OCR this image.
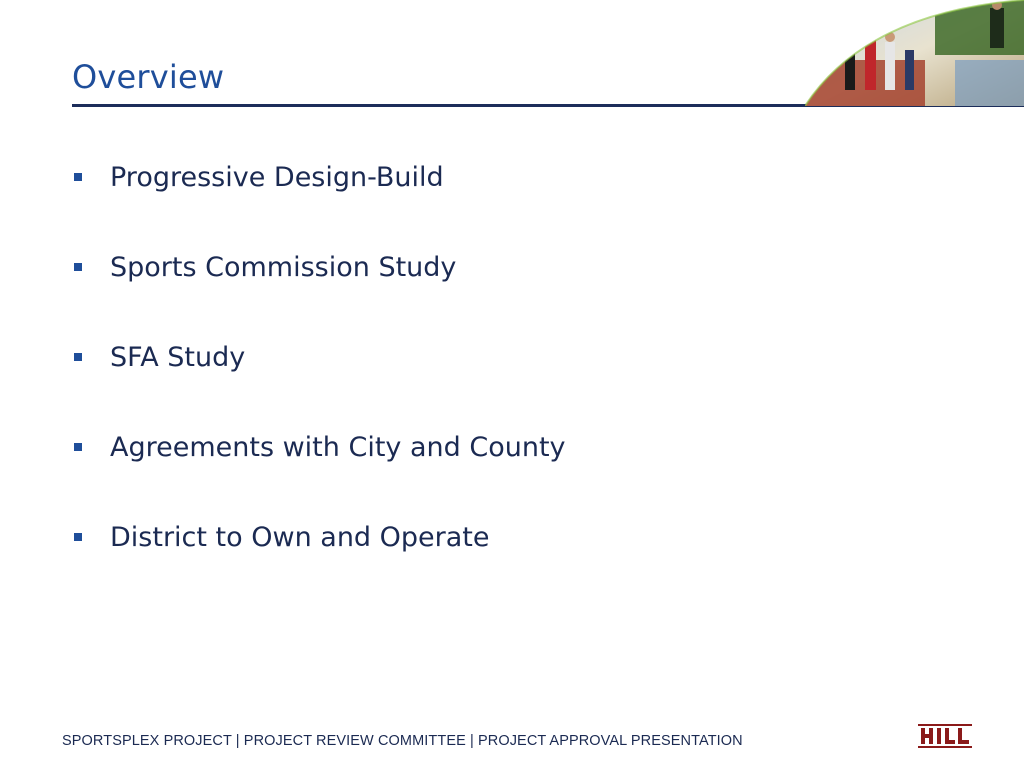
Overview
Progressive Design-Build
Sports Commission Study
SFA Study
Agreements with City and County
District to Own and Operate
SPORTSPLEX PROJECT | PROJECT REVIEW COMMITTEE | PROJECT APPROVAL PRESENTATION
